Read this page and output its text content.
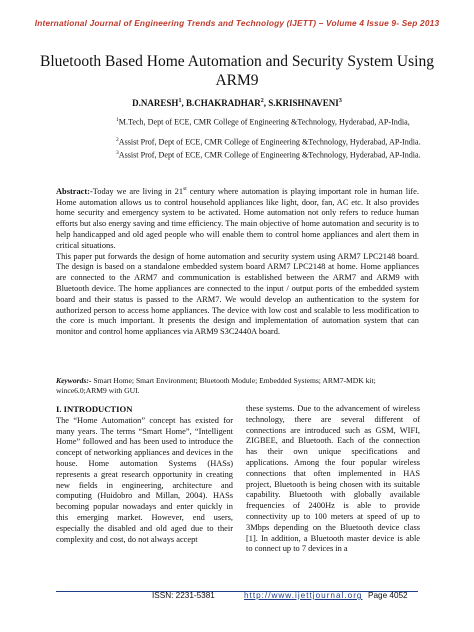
International Journal of Engineering Trends and Technology (IJETT) – Volume 4 Issue 9- Sep 2013
Bluetooth Based Home Automation and Security System Using ARM9
D.NARESH$^1$, B.CHAKRADHAR$^2$, S.KRISHNAVENI$^3$
$^1$M.Tech, Dept of ECE, CMR College of Engineering &Technology, Hyderabad, AP-India,
$^2$Assist Prof, Dept of ECE, CMR College of Engineering &Technology, Hyderabad, AP-India.
$^3$Assist Prof, Dept of ECE, CMR College of Engineering &Technology, Hyderabad, AP-India.

Abstract:-Today we are living in 21st century where automation is playing important role in human life. Home automation allows us to control household appliances like light, door, fan, AC etc. It also provides home security and emergency system to be activated. Home automation not only refers to reduce human efforts but also energy saving and time efficiency. The main objective of home automation and security is to help handicapped and old aged people who will enable them to control home appliances and alert them in critical situations.

This paper put forwards the design of home automation and security system using ARM7 LPC2148 board. The design is based on a standalone embedded system board ARM7 LPC2148 at home. Home appliances are connected to the ARM7 and communication is established between the ARM7 and ARM9 with Bluetooth device. The home appliances are connected to the input / output ports of the embedded system board and their status is passed to the ARM7. We would develop an authentication to the system for authorized person to access home appliances. The device with low cost and scalable to less modification to the core is much important. It presents the design and implementation of automation system that can monitor and control home appliances via ARM9 S3C2440A board.

Keywords:- Smart Home; Smart Environment; Bluetooth Module; Embedded Systems; ARM7-MDK kit; wince6.0;ARM9 with GUI.
I. INTRODUCTION

The “Home Automation” concept has existed for many years. The terms “Smart Home”, “Intelligent Home” followed and has been used to introduce the concept of networking appliances and devices in the house. Home automation Systems (HASs) represents a great research opportunity in creating new fields in engineering, architecture and computing (Huidobro and Millan, 2004). HASs becoming popular nowadays and enter quickly in this emerging market. However, end users, especially the disabled and old aged due to their complexity and cost, do not always accept

these systems. Due to the advancement of wireless technology, there are several different of connections are introduced such as GSM, WIFI, ZIGBEE, and Bluetooth. Each of the connection has their own unique specifications and applications. Among the four popular wireless connections that often implemented in HAS project, Bluetooth is being chosen with its suitable capability. Bluetooth with globally available frequencies of 2400Hz is able to provide connectivity up to 100 meters at speed of up to 3Mbps depending on the Bluetooth device class [1]. In addition, a Bluetooth master device is able to connect up to 7 devices in a

ISSN: 2231-5381	http://www.ijettjournal.org Page 4052
